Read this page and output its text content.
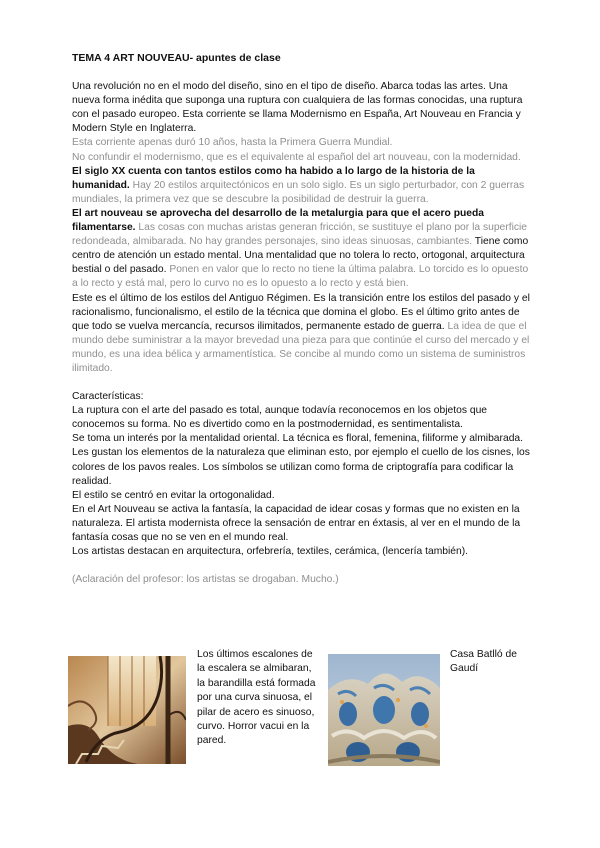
TEMA 4 ART NOUVEAU- apuntes de clase

Una revolución no en el modo del diseño, sino en el tipo de diseño. Abarca todas las artes. Una nueva forma inédita que suponga una ruptura con cualquiera de las formas conocidas, una ruptura con el pasado europeo. Esta corriente se llama Modernismo en España, Art Nouveau en Francia y Modern Style en Inglaterra.

Esta corriente apenas duró 10 años, hasta la Primera Guerra Mundial.

No confundir el modernismo, que es el equivalente al español del art nouveau, con la modernidad.

El siglo XX cuenta con tantos estilos como ha habido a lo largo de la historia de la humanidad. Hay 20 estilos arquitectónicos en un solo siglo. Es un siglo perturbador, con 2 guerras mundiales, la primera vez que se descubre la posibilidad de destruir la guerra.

El art nouveau se aprovecha del desarrollo de la metalurgia para que el acero pueda filamentarse. Las cosas con muchas aristas generan fricción, se sustituye el plano por la superficie redondeada, almibarada. No hay grandes personajes, sino ideas sinuosas, cambiantes. Tiene como centro de atención un estado mental. Una mentalidad que no tolera lo recto, ortogonal, arquitectura bestial o del pasado. Ponen en valor que lo recto no tiene la última palabra. Lo torcido es lo opuesto a lo recto y está mal, pero lo curvo no es lo opuesto a lo recto y está bien.

Este es el último de los estilos del Antiguo Régimen. Es la transición entre los estilos del pasado y el racionalismo, funcionalismo, el estilo de la técnica que domina el globo. Es el último grito antes de que todo se vuelva mercancía, recursos ilimitados, permanente estado de guerra. La idea de que el mundo debe suministrar a la mayor brevedad una pieza para que continúe el curso del mercado y el mundo, es una idea bélica y armamentística. Se concibe al mundo como un sistema de suministros ilimitado.

Características:

La ruptura con el arte del pasado es total, aunque todavía reconocemos en los objetos que conocemos su forma. No es divertido como en la postmodernidad, es sentimentalista.

Se toma un interés por la mentalidad oriental. La técnica es floral, femenina, filiforme y almibarada. Les gustan los elementos de la naturaleza que eliminan esto, por ejemplo el cuello de los cisnes, los colores de los pavos reales. Los símbolos se utilizan como forma de criptografía para codificar la realidad.

El estilo se centró en evitar la ortogonalidad.

En el Art Nouveau se activa la fantasía, la capacidad de idear cosas y formas que no existen en la naturaleza. El artista modernista ofrece la sensación de entrar en éxtasis, al ver en el mundo de la fantasía cosas que no se ven en el mundo real.

Los artistas destacan en arquitectura, orfebrería, textiles, cerámica, (lencería también).

(Aclaración del profesor: los artistas se drogaban. Mucho.)

Los últimos escalones de la escalera se almibaran, la barandilla está formada por una curva sinuosa, el pilar de acero es sinuoso, curvo. Horror vacui en la pared.

Casa Batlló de Gaudí
